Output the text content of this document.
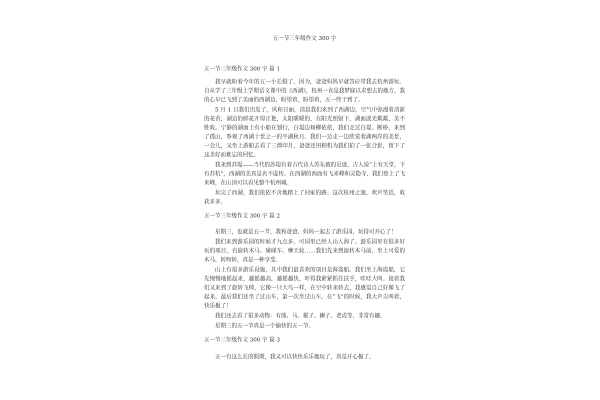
五一节三年级作文 300 字
五一节三年级作文 300 字 篇 1

我早就盼着今年的五一小长假了，因为，爸爸妈妈早就答应带我去杭州游玩。自从学了三年级上学期语文课中的《西湖》，杭州一直是我梦寐以求想去的地方，我的心早已飞到了美丽的西湖边，盼望着，盼望着，五一终于到了。

5 月 1 日我们出发了，风和日丽，清晨我们来到了西湖边，空气中弥漫着清新的花香，湖边的鲜花开得正艳，太阳暖暖的，在阳光照射下，湖面波光粼粼，美不胜收。宁静的湖面上有小船在划行，白堤边杨柳依依，我们走过白堤、断桥，来到了孤山，参观了西湖十景之一的平湖秋月。我们一边走一边欣赏着湖两岸的美景，一会儿，又坐上游船去看了三潭印月，爸爸还用相机为我们拍了一张合影，留下了这美好而难忘的回忆。

我来到苏堤——当代的苏堤有着古代诗人苏东坡的足迹，古人说“上有天堂，下有苏杭”，西湖的美真是名不虚传。在西湖的西面有飞来峰和灵隐寺，我们登上了飞来峰，在山顶可以看见整个杭州城。

玩完了西湖，我们依依不舍地踏上了回家的路。这次杭州之旅，欢声笑语，收获多多。

五一节三年级作文 300 字 篇 2

星期三，也就是五一节，我和爸爸、妈妈一起去了游乐园，玩得可开心了！

我们来到游乐园的时候才九点多，可园里已经人山人海了。游乐园里有很多好玩的项目，有旋转木马、碰碰车、摩天轮……我们先来到旋转木马前，坐上可爱的木马，转呀转，真是一种享受。

山上有很多游乐设施，其中我们最喜欢的项目是海盗船。我们坐上海盗船，它先慢慢地摇起来，越摇越高，越摇越快，吓得我紧紧抓住扶手，哇哇大叫。接着我们又来到了旋转飞椅，它像一只大鸟一样，在空中转来转去，我感觉自己好像飞了起来。最后我们还坐了过山车，第一次坐过山车，在“飞”的时候，我大声尖叫着，快乐极了！

我们还去看了很多动物：有熊、马、猴子、狮子、老虎等，非常有趣。

星期三的五一节真是一个愉快的五一节。

五一节三年级作文 300 字 篇 3

五一有这么长的假期，我又可以快快乐乐地玩了，真是开心极了。
